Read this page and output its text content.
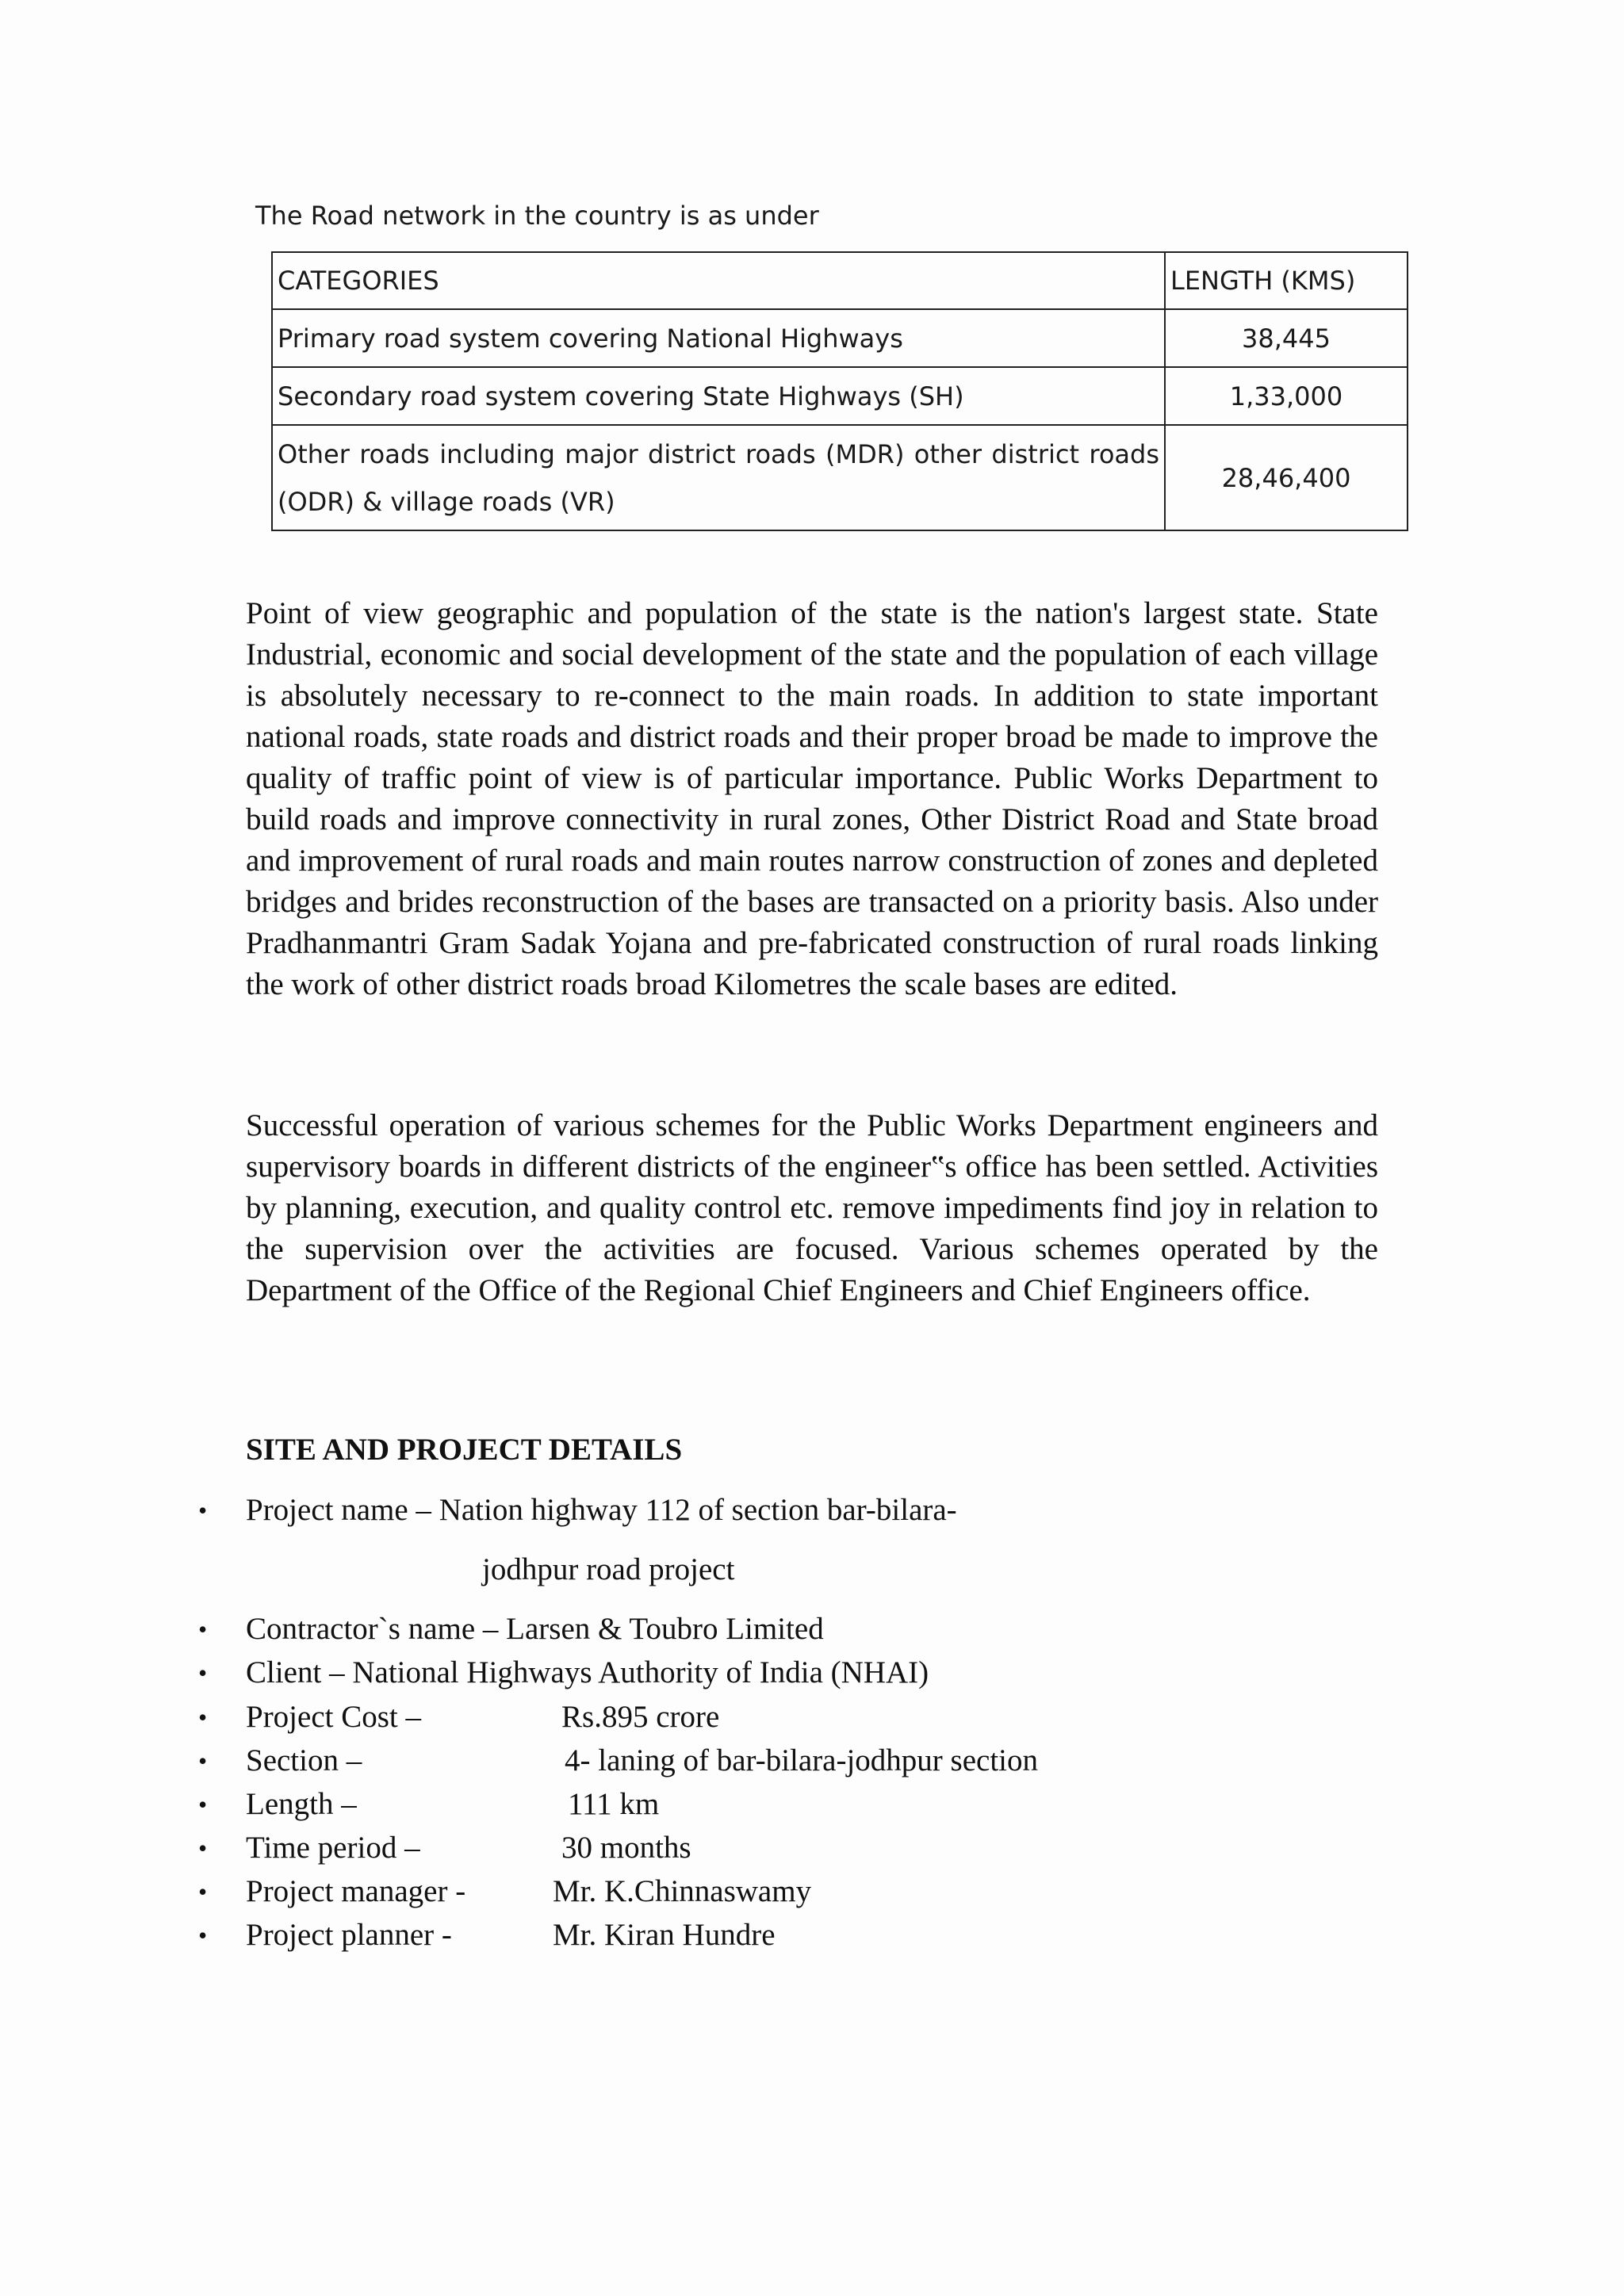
The Road network in the country is as under
CATEGORIES	LENGTH (KMS)
Primary road system covering National Highways	38,445
Secondary road system covering State Highways (SH)	1,33,000
Other roads including major district roads (MDR) other district roads (ODR) & village roads (VR)	28,46,400

Point of view geographic and population of the state is the nation's largest state. State Industrial, economic and social development of the state and the population of each village is absolutely necessary to re-connect to the main roads. In addition to state important national roads, state roads and district roads and their proper broad be made to improve the quality of traffic point of view is of particular importance. Public Works Department to build roads and improve connectivity in rural zones, Other District Road and State broad and improvement of rural roads and main routes narrow construction of zones and depleted bridges and brides reconstruction of the bases are transacted on a priority basis. Also under Pradhanmantri Gram Sadak Yojana and pre-fabricated construction of rural roads linking the work of other district roads broad Kilometres the scale bases are edited.

Successful operation of various schemes for the Public Works Department engineers and supervisory boards in different districts of the engineer‟s office has been settled. Activities by planning, execution, and quality control etc. remove impediments find joy in relation to the supervision over the activities are focused. Various schemes operated by the Department of the Office of the Regional Chief Engineers and Chief Engineers office.

SITE AND PROJECT DETAILS
• Project name – Nation highway 112 of section bar-bilara-
jodhpur road project
• Contractor`s name – Larsen & Toubro Limited
• Client – National Highways Authority of India (NHAI)
• Project Cost –	Rs.895 crore
• Section –	4- laning of bar-bilara-jodhpur section
• Length –	111 km
• Time period –	30 months
• Project manager -	Mr. K.Chinnaswamy
• Project planner -	Mr. Kiran Hundre
